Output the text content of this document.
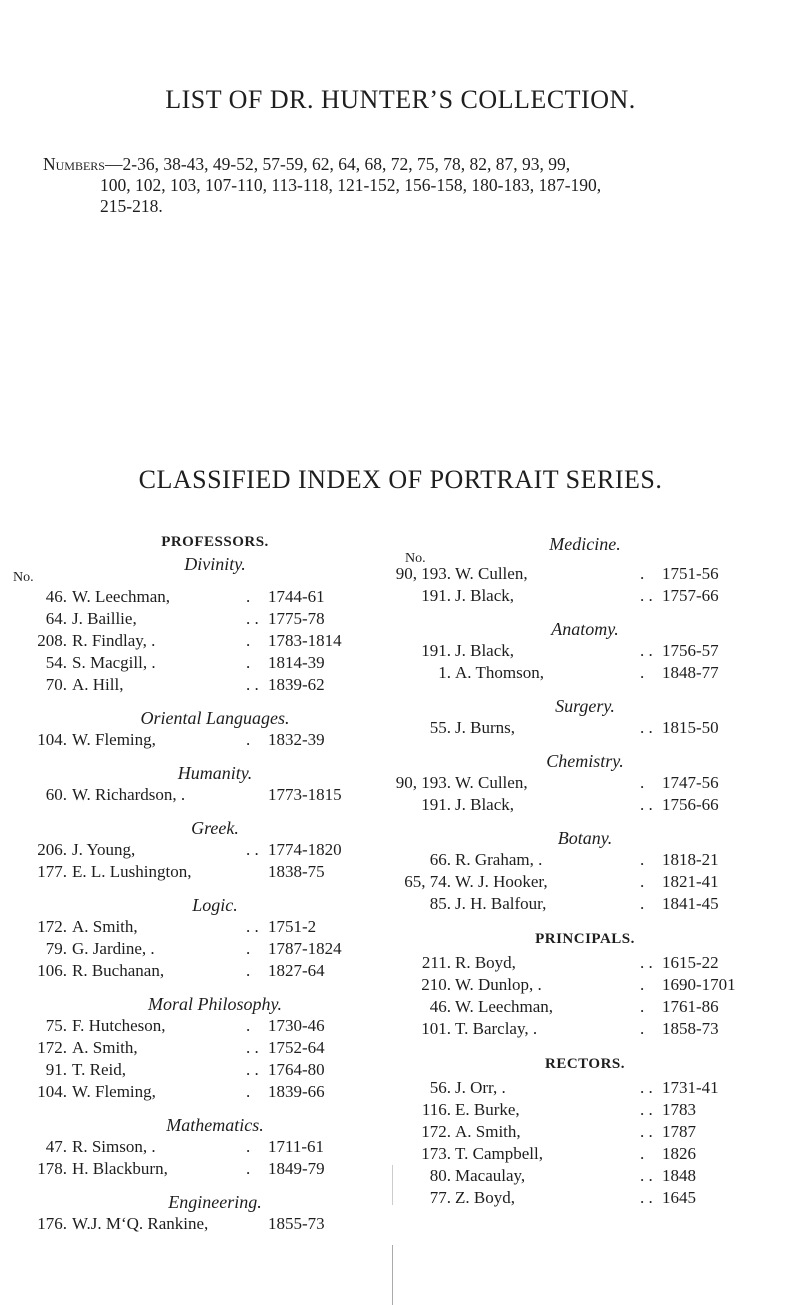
LIST OF DR. HUNTER’S COLLECTION.
Numbers—2-36, 38-43, 49-52, 57-59, 62, 64, 68, 72, 75, 78, 82, 87, 93, 99,
100, 102, 103, 107-110, 113-118, 121-152, 156-158, 180-183, 187-190,
215-218.
CLASSIFIED INDEX OF PORTRAIT SERIES.
PROFESSORS.
Divinity.
No.
46. W. Leechman,	. 1744-61
64. J. Baillie,	. . 1775-78
208. R. Findlay, .	. 1783-1814
54. S. Macgill, .	. 1814-39
70. A. Hill,	. . 1839-62
Oriental Languages.
104. W. Fleming,	. 1832-39
Humanity.
60. W. Richardson, .	1773-1815
Greek.
206. J. Young,	. . 1774-1820
177. E. L. Lushington,	1838-75
Logic.
172. A. Smith,	. . 1751-2
79. G. Jardine, .	. 1787-1824
106. R. Buchanan,	. 1827-64
Moral Philosophy.
75. F. Hutcheson,	. 1730-46
172. A. Smith,	. . 1752-64
91. T. Reid,	. . 1764-80
104. W. Fleming,	. 1839-66
Mathematics.
47. R. Simson, .	. 1711-61
178. H. Blackburn,	. 1849-79
Engineering.
176. W.J. M‘Q. Rankine,	1855-73
Medicine.
No.
90, 193. W. Cullen,	. 1751-56
191. J. Black,	. . 1757-66
Anatomy.
191. J. Black,	. . 1756-57
1. A. Thomson,	. 1848-77
Surgery.
55. J. Burns,	. . 1815-50
Chemistry.
90, 193. W. Cullen,	. 1747-56
191. J. Black,	. . 1756-66
Botany.
66. R. Graham, .	. 1818-21
65, 74. W. J. Hooker,	. 1821-41
85. J. H. Balfour,	. 1841-45
PRINCIPALS.
211. R. Boyd,	. . 1615-22
210. W. Dunlop, .	. 1690-1701
46. W. Leechman,	. 1761-86
101. T. Barclay, .	. 1858-73
RECTORS.
56. J. Orr, .	. . 1731-41
116. E. Burke,	. . 1783
172. A. Smith,	. . 1787
173. T. Campbell,	. 1826
80. Macaulay,	. . 1848
77. Z. Boyd,	. . 1645
